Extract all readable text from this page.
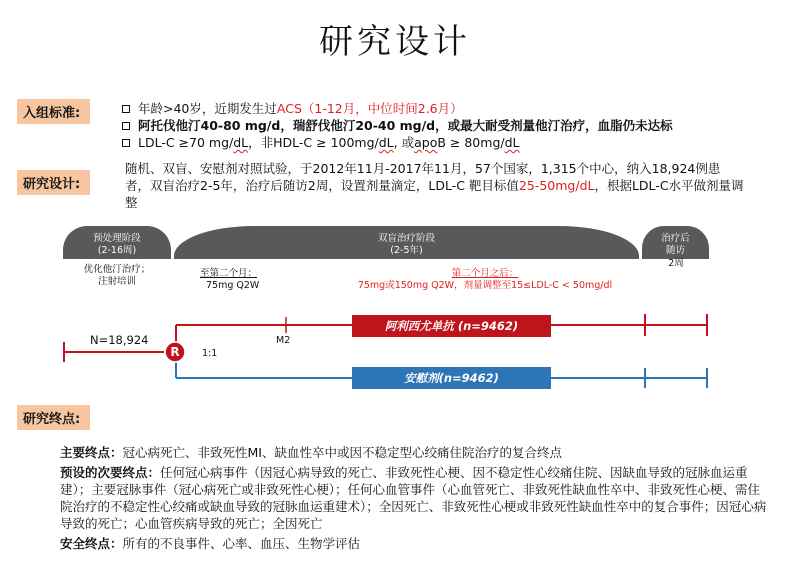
研究设计
入组标准:	年龄>40岁，近期发生过 ACS（1-12月，中位时间2.6月）
阿托伐他汀40-80 mg/d，瑞舒伐他汀20-40 mg/d，或最大耐受剂量他汀治疗，血脂仍未达标
LDL-C ≥70 mg/ dL ，非HDL-C ≥ 100mg/ dL , 或 apo B ≥ 80mg/ dL
研究设计:
随机、双盲、安慰剂对照试验，于2012年11月-2017年11月，57个国家，1,315个中心，纳入18,924例患者，双盲治疗2-5年，治疗后随访2周，设置剂量滴定，LDL-C 靶目标值25-50mg/dL，根据LDL-C水平做剂量调整
预处理阶段
(2-16周)
双盲治疗阶段
(2-5年)
治疗后
随访
优化他汀治疗；
注射培训
至第二个月：
75mg Q2W
第二个月之后：
75mg或150mg Q2W，剂量调整至15≤LDL-C < 50mg/dl
2周
N=18,924
R	1:1
M2
阿利西尤单抗 (n=9462)
安慰剂(n=9462)
研究终点:

主要终点：冠心病死亡、非致死性MI、缺血性卒中或因不稳定型心绞痛住院治疗的复合终点

预设的次要终点：任何冠心病事件（因冠心病导致的死亡、非致死性心梗、因不稳定性心绞痛住院、因缺血导致的冠脉血运重建）；主要冠脉事件（冠心病死亡或非致死性心梗）；任何心血管事件（心血管死亡、非致死性缺血性卒中、非致死性心梗、需住院治疗的不稳定性心绞痛或缺血导致的冠脉血运重建术）；全因死亡、非致死性心梗或非致死性缺血性卒中的复合事件；因冠心病导致的死亡；心血管疾病导致的死亡；全因死亡

安全终点：所有的不良事件、心率、血压、生物学评估
